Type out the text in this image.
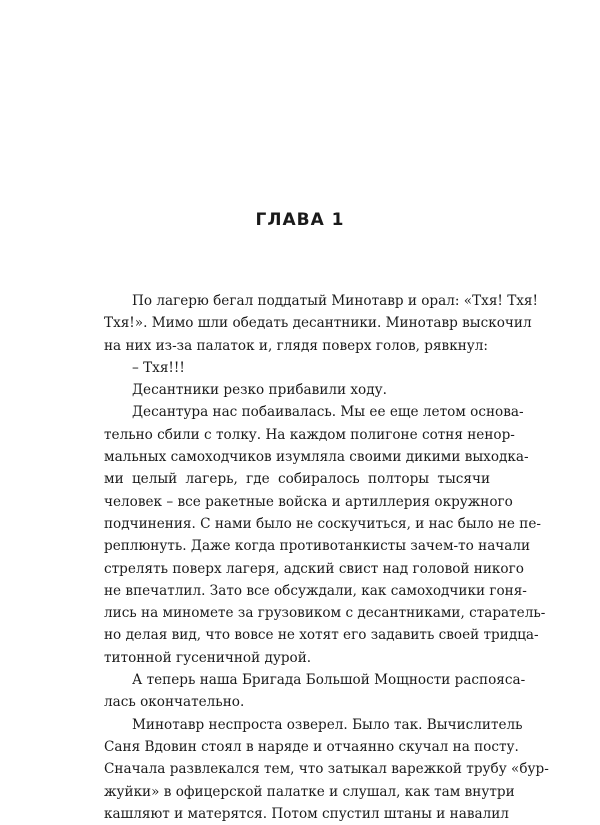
ГЛАВА 1
По лагерю бегал поддатый Минотавр и орал: «Тхя! Тхя!
Тхя!». Мимо шли обедать десантники. Минотавр выскочил
на них из-за палаток и, глядя поверх голов, рявкнул:
– Тхя!!!
Десантники резко прибавили ходу.
Десантура нас побаивалась. Мы ее еще летом основа-
тельно сбили с толку. На каждом полигоне сотня ненор-
мальных самоходчиков изумляла своими дикими выходка-
ми целый лагерь, где собиралось полторы тысячи
человек – все ракетные войска и артиллерия окружного
подчинения. С нами было не соскучиться, и нас было не пе-
реплюнуть. Даже когда противотанкисты зачем-то начали
стрелять поверх лагеря, адский свист над головой никого
не впечатлил. Зато все обсуждали, как самоходчики гоня-
лись на миномете за грузовиком с десантниками, старатель-
но делая вид, что вовсе не хотят его задавить своей тридца-
титонной гусеничной дурой.
А теперь наша Бригада Большой Мощности распояса-
лась окончательно.
Минотавр неспроста озверел. Было так. Вычислитель
Саня Вдовин стоял в наряде и отчаянно скучал на посту.
Сначала развлекался тем, что затыкал варежкой трубу «бур-
жуйки» в офицерской палатке и слушал, как там внутри
кашляют и матерятся. Потом спустил штаны и навалил
